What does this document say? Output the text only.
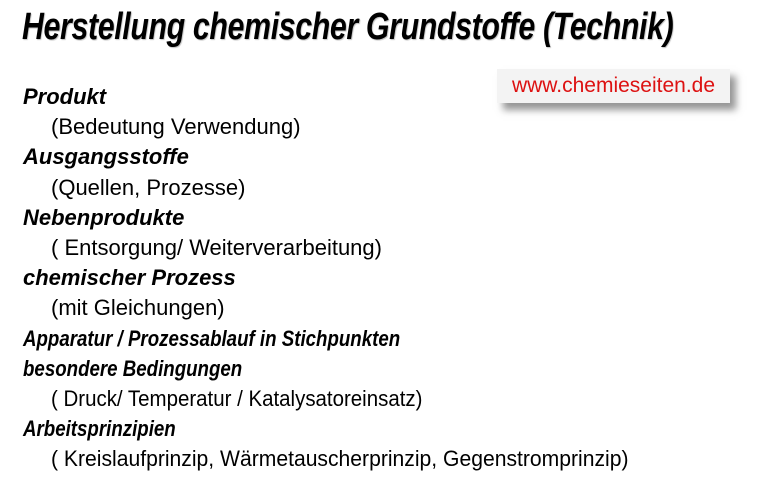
Herstellung chemischer Grundstoffe (Technik)
www.chemieseiten.de
Produkt
(Bedeutung Verwendung)
Ausgangsstoffe
(Quellen, Prozesse)
Nebenprodukte
( Entsorgung/ Weiterverarbeitung)
chemischer Prozess
(mit Gleichungen)
Apparatur / Prozessablauf in Stichpunkten
besondere Bedingungen
( Druck/ Temperatur / Katalysatoreinsatz)
Arbeitsprinzipien
( Kreislaufprinzip, Wärmetauscherprinzip, Gegenstromprinzip)
